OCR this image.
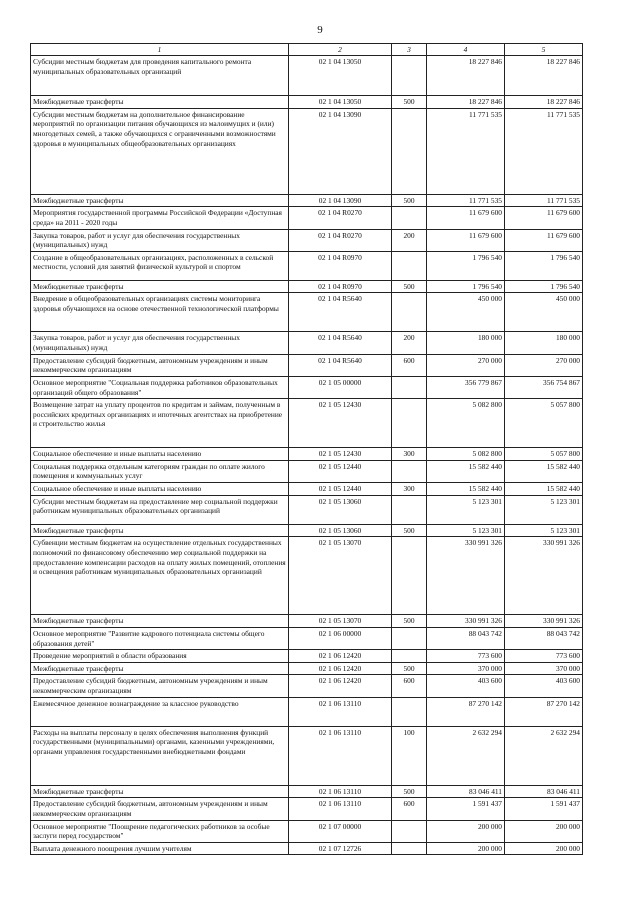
9
1	2	3	4	5
Субсидии местным бюджетам для проведения капитального ремонта муниципальных образовательных организаций	02 1 04 13050		18 227 846	18 227 846
Межбюджетные трансферты	02 1 04 13050	500	18 227 846	18 227 846
Субсидии местным бюджетам на дополнительное финансирование мероприятий по организации питания обучающихся из малоимущих и (или) многодетных семей, а также обучающихся с ограниченными возможностями здоровья в муниципальных общеобразовательных организациях	02 1 04 13090		11 771 535	11 771 535
Межбюджетные трансферты	02 1 04 13090	500	11 771 535	11 771 535
Мероприятия государственной программы Российской Федерации «Доступная среда» на 2011 - 2020 годы	02 1 04 R0270		11 679 600	11 679 600
Закупка товаров, работ и услуг для обеспечения государственных (муниципальных) нужд	02 1 04 R0270	200	11 679 600	11 679 600
Создание в общеобразовательных организациях, расположенных в сельской местности, условий для занятий физической культурой и спортом	02 1 04 R0970		1 796 540	1 796 540
Межбюджетные трансферты	02 1 04 R0970	500	1 796 540	1 796 540
Внедрение в общеобразовательных организациях системы мониторинга здоровья обучающихся на основе отечественной технологической платформы	02 1 04 R5640		450 000	450 000
Закупка товаров, работ и услуг для обеспечения государственных (муниципальных) нужд	02 1 04 R5640	200	180 000	180 000
Предоставление субсидий бюджетным, автономным учреждениям и иным некоммерческим организациям	02 1 04 R5640	600	270 000	270 000
Основное мероприятие "Социальная поддержка работников образовательных организаций общего образования"	02 1 05 00000		356 779 867	356 754 867
Возмещение затрат на уплату процентов по кредитам и займам, полученным в российских кредитных организациях и ипотечных агентствах на приобретение и строительство жилья	02 1 05 12430		5 082 800	5 057 800
Социальное обеспечение и иные выплаты населению	02 1 05 12430	300	5 082 800	5 057 800
Социальная поддержка отдельным категориям граждан по оплате жилого помещения и коммунальных услуг	02 1 05 12440		15 582 440	15 582 440
Социальное обеспечение и иные выплаты населению	02 1 05 12440	300	15 582 440	15 582 440
Субсидии местным бюджетам на предоставление мер социальной поддержки работникам муниципальных образовательных организаций	02 1 05 13060		5 123 301	5 123 301
Межбюджетные трансферты	02 1 05 13060	500	5 123 301	5 123 301
Субвенции местным бюджетам на осуществление отдельных государственных полномочий по финансовому обеспечению мер социальной поддержки на предоставление компенсации расходов на оплату жилых помещений, отопления и освещения работникам муниципальных образовательных организаций	02 1 05 13070		330 991 326	330 991 326
Межбюджетные трансферты	02 1 05 13070	500	330 991 326	330 991 326
Основное мероприятие "Развитие кадрового потенциала системы общего образования детей"	02 1 06 00000		88 043 742	88 043 742
Проведение мероприятий в области образования	02 1 06 12420		773 600	773 600
Межбюджетные трансферты	02 1 06 12420	500	370 000	370 000
Предоставление субсидий бюджетным, автономным учреждениям и иным некоммерческим организациям	02 1 06 12420	600	403 600	403 600
Ежемесячное денежное вознаграждение за классное руководство	02 1 06 13110		87 270 142	87 270 142
Расходы на выплаты персоналу в целях обеспечения выполнения функций государственными (муниципальными) органами, казенными учреждениями, органами управления государственными внебюджетными фондами	02 1 06 13110	100	2 632 294	2 632 294
Межбюджетные трансферты	02 1 06 13110	500	83 046 411	83 046 411
Предоставление субсидий бюджетным, автономным учреждениям и иным некоммерческим организациям	02 1 06 13110	600	1 591 437	1 591 437
Основное мероприятие "Поощрение педагогических работников за особые заслуги перед государством"	02 1 07 00000		200 000	200 000
Выплата денежного поощрения лучшим учителям	02 1 07 12726		200 000	200 000
